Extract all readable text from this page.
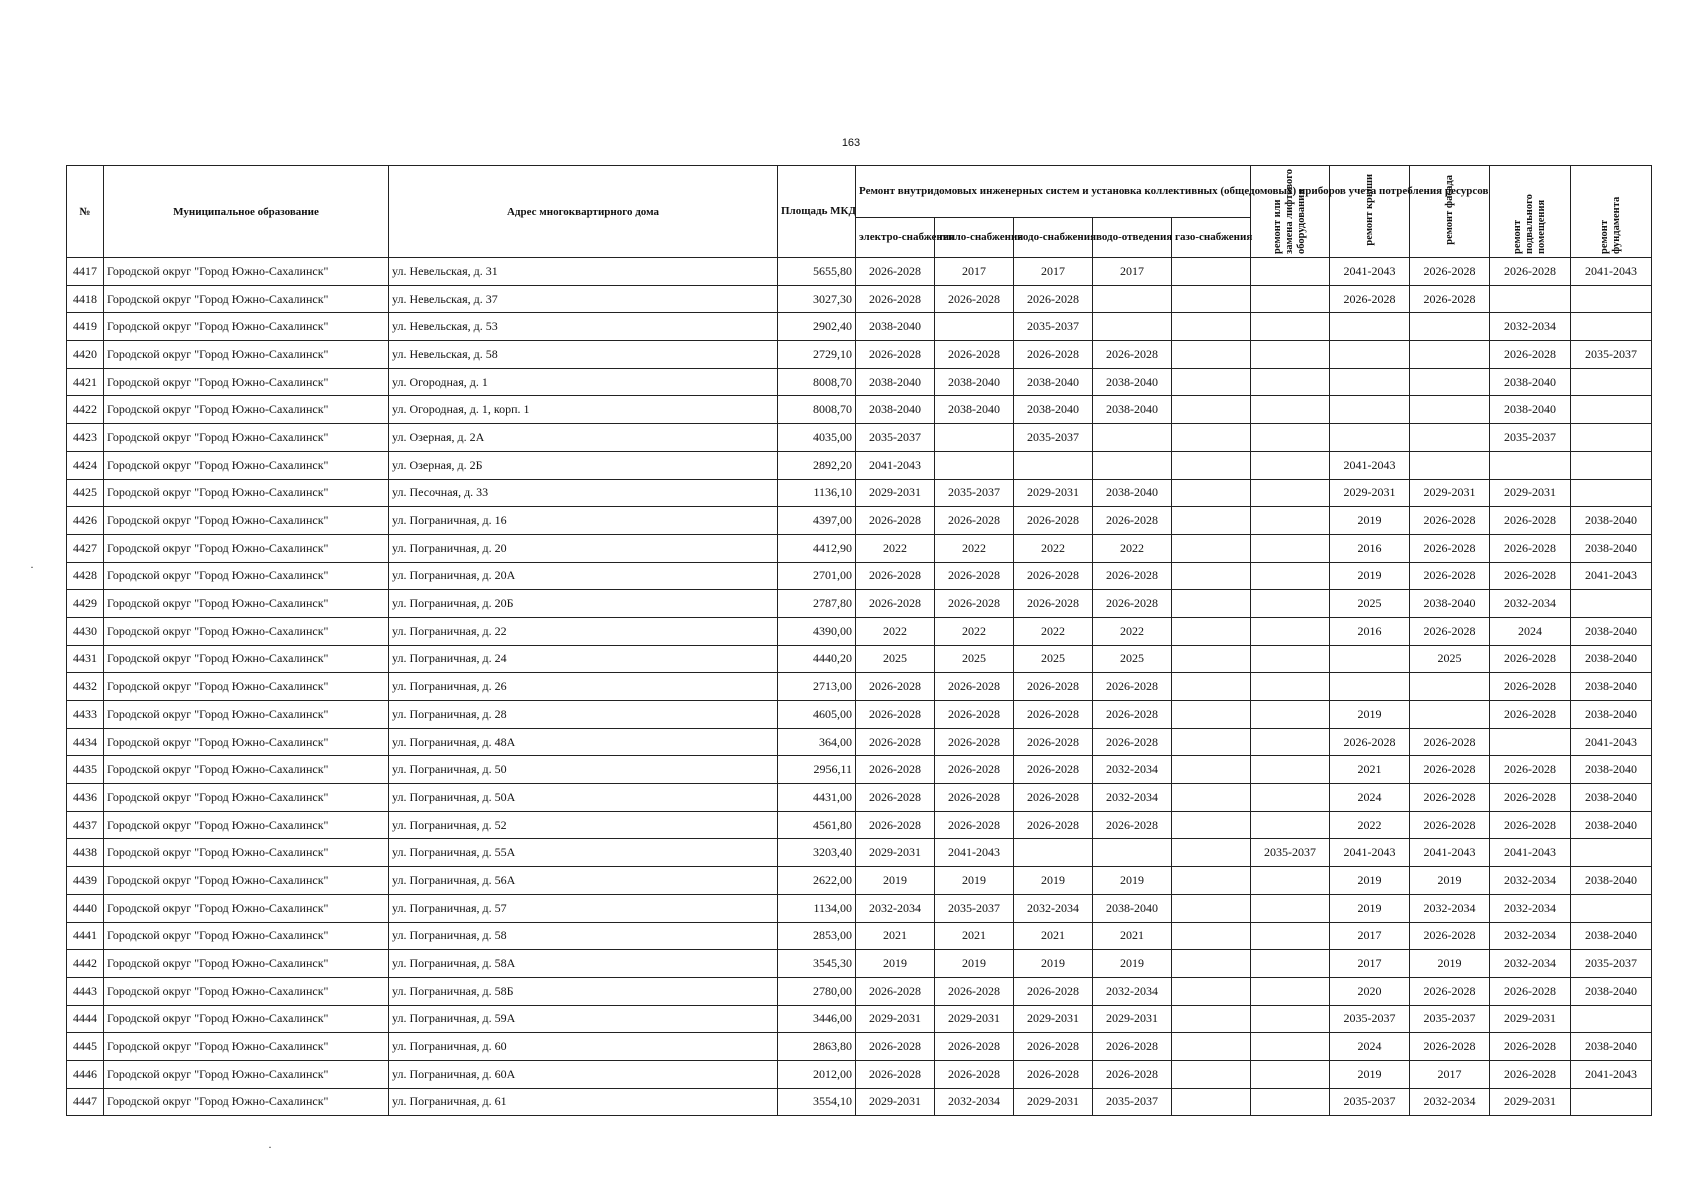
163
№	Муниципальное образование	Адрес многоквартирного дома	Площадь МКД	Ремонт внутридомовых инженерных систем и установка коллективных (общедомовых) приборов учета потребления ресурсов					ремонт или замена лифтового оборудования	ремонт крыши	ремонт фасада	ремонт подвального помещения	ремонт фундамента
				электро-снабжения	тепло-снабжения	водо-снабжения	водо-отведения	газо-снабжения					
4417	Городской округ "Город Южно-Сахалинск"	ул. Невельская, д. 31	5655,80	2026-2028	2017	2017	2017			2041-2043	2026-2028	2026-2028	2041-2043
4418	Городской округ "Город Южно-Сахалинск"	ул. Невельская, д. 37	3027,30	2026-2028	2026-2028	2026-2028				2026-2028	2026-2028		
4419	Городской округ "Город Южно-Сахалинск"	ул. Невельская, д. 53	2902,40	2038-2040		2035-2037						2032-2034	
4420	Городской округ "Город Южно-Сахалинск"	ул. Невельская, д. 58	2729,10	2026-2028	2026-2028	2026-2028	2026-2028					2026-2028	2035-2037
4421	Городской округ "Город Южно-Сахалинск"	ул. Огородная, д. 1	8008,70	2038-2040	2038-2040	2038-2040	2038-2040					2038-2040	
4422	Городской округ "Город Южно-Сахалинск"	ул. Огородная, д. 1, корп. 1	8008,70	2038-2040	2038-2040	2038-2040	2038-2040					2038-2040	
4423	Городской округ "Город Южно-Сахалинск"	ул. Озерная, д. 2А	4035,00	2035-2037		2035-2037						2035-2037	
4424	Городской округ "Город Южно-Сахалинск"	ул. Озерная, д. 2Б	2892,20	2041-2043						2041-2043			
4425	Городской округ "Город Южно-Сахалинск"	ул. Песочная, д. 33	1136,10	2029-2031	2035-2037	2029-2031	2038-2040			2029-2031	2029-2031	2029-2031	
4426	Городской округ "Город Южно-Сахалинск"	ул. Пограничная, д. 16	4397,00	2026-2028	2026-2028	2026-2028	2026-2028			2019	2026-2028	2026-2028	2038-2040
4427	Городской округ "Город Южно-Сахалинск"	ул. Пограничная, д. 20	4412,90	2022	2022	2022	2022			2016	2026-2028	2026-2028	2038-2040
4428	Городской округ "Город Южно-Сахалинск"	ул. Пограничная, д. 20А	2701,00	2026-2028	2026-2028	2026-2028	2026-2028			2019	2026-2028	2026-2028	2041-2043
4429	Городской округ "Город Южно-Сахалинск"	ул. Пограничная, д. 20Б	2787,80	2026-2028	2026-2028	2026-2028	2026-2028			2025	2038-2040	2032-2034	
4430	Городской округ "Город Южно-Сахалинск"	ул. Пограничная, д. 22	4390,00	2022	2022	2022	2022			2016	2026-2028	2024	2038-2040
4431	Городской округ "Город Южно-Сахалинск"	ул. Пограничная, д. 24	4440,20	2025	2025	2025	2025				2025	2026-2028	2038-2040
4432	Городской округ "Город Южно-Сахалинск"	ул. Пограничная, д. 26	2713,00	2026-2028	2026-2028	2026-2028	2026-2028					2026-2028	2038-2040
4433	Городской округ "Город Южно-Сахалинск"	ул. Пограничная, д. 28	4605,00	2026-2028	2026-2028	2026-2028	2026-2028			2019		2026-2028	2038-2040
4434	Городской округ "Город Южно-Сахалинск"	ул. Пограничная, д. 48А	364,00	2026-2028	2026-2028	2026-2028	2026-2028			2026-2028	2026-2028		2041-2043
4435	Городской округ "Город Южно-Сахалинск"	ул. Пограничная, д. 50	2956,11	2026-2028	2026-2028	2026-2028	2032-2034			2021	2026-2028	2026-2028	2038-2040
4436	Городской округ "Город Южно-Сахалинск"	ул. Пограничная, д. 50А	4431,00	2026-2028	2026-2028	2026-2028	2032-2034			2024	2026-2028	2026-2028	2038-2040
4437	Городской округ "Город Южно-Сахалинск"	ул. Пограничная, д. 52	4561,80	2026-2028	2026-2028	2026-2028	2026-2028			2022	2026-2028	2026-2028	2038-2040
4438	Городской округ "Город Южно-Сахалинск"	ул. Пограничная, д. 55А	3203,40	2029-2031	2041-2043				2035-2037	2041-2043	2041-2043	2041-2043	
4439	Городской округ "Город Южно-Сахалинск"	ул. Пограничная, д. 56А	2622,00	2019	2019	2019	2019			2019	2019	2032-2034	2038-2040
4440	Городской округ "Город Южно-Сахалинск"	ул. Пограничная, д. 57	1134,00	2032-2034	2035-2037	2032-2034	2038-2040			2019	2032-2034	2032-2034	
4441	Городской округ "Город Южно-Сахалинск"	ул. Пограничная, д. 58	2853,00	2021	2021	2021	2021			2017	2026-2028	2032-2034	2038-2040
4442	Городской округ "Город Южно-Сахалинск"	ул. Пограничная, д. 58А	3545,30	2019	2019	2019	2019			2017	2019	2032-2034	2035-2037
4443	Городской округ "Город Южно-Сахалинск"	ул. Пограничная, д. 58Б	2780,00	2026-2028	2026-2028	2026-2028	2032-2034			2020	2026-2028	2026-2028	2038-2040
4444	Городской округ "Город Южно-Сахалинск"	ул. Пограничная, д. 59А	3446,00	2029-2031	2029-2031	2029-2031	2029-2031			2035-2037	2035-2037	2029-2031	
4445	Городской округ "Город Южно-Сахалинск"	ул. Пограничная, д. 60	2863,80	2026-2028	2026-2028	2026-2028	2026-2028			2024	2026-2028	2026-2028	2038-2040
4446	Городской округ "Город Южно-Сахалинск"	ул. Пограничная, д. 60А	2012,00	2026-2028	2026-2028	2026-2028	2026-2028			2019	2017	2026-2028	2041-2043
4447	Городской округ "Город Южно-Сахалинск"	ул. Пограничная, д. 61	3554,10	2029-2031	2032-2034	2029-2031	2035-2037			2035-2037	2032-2034	2029-2031	
·
·
